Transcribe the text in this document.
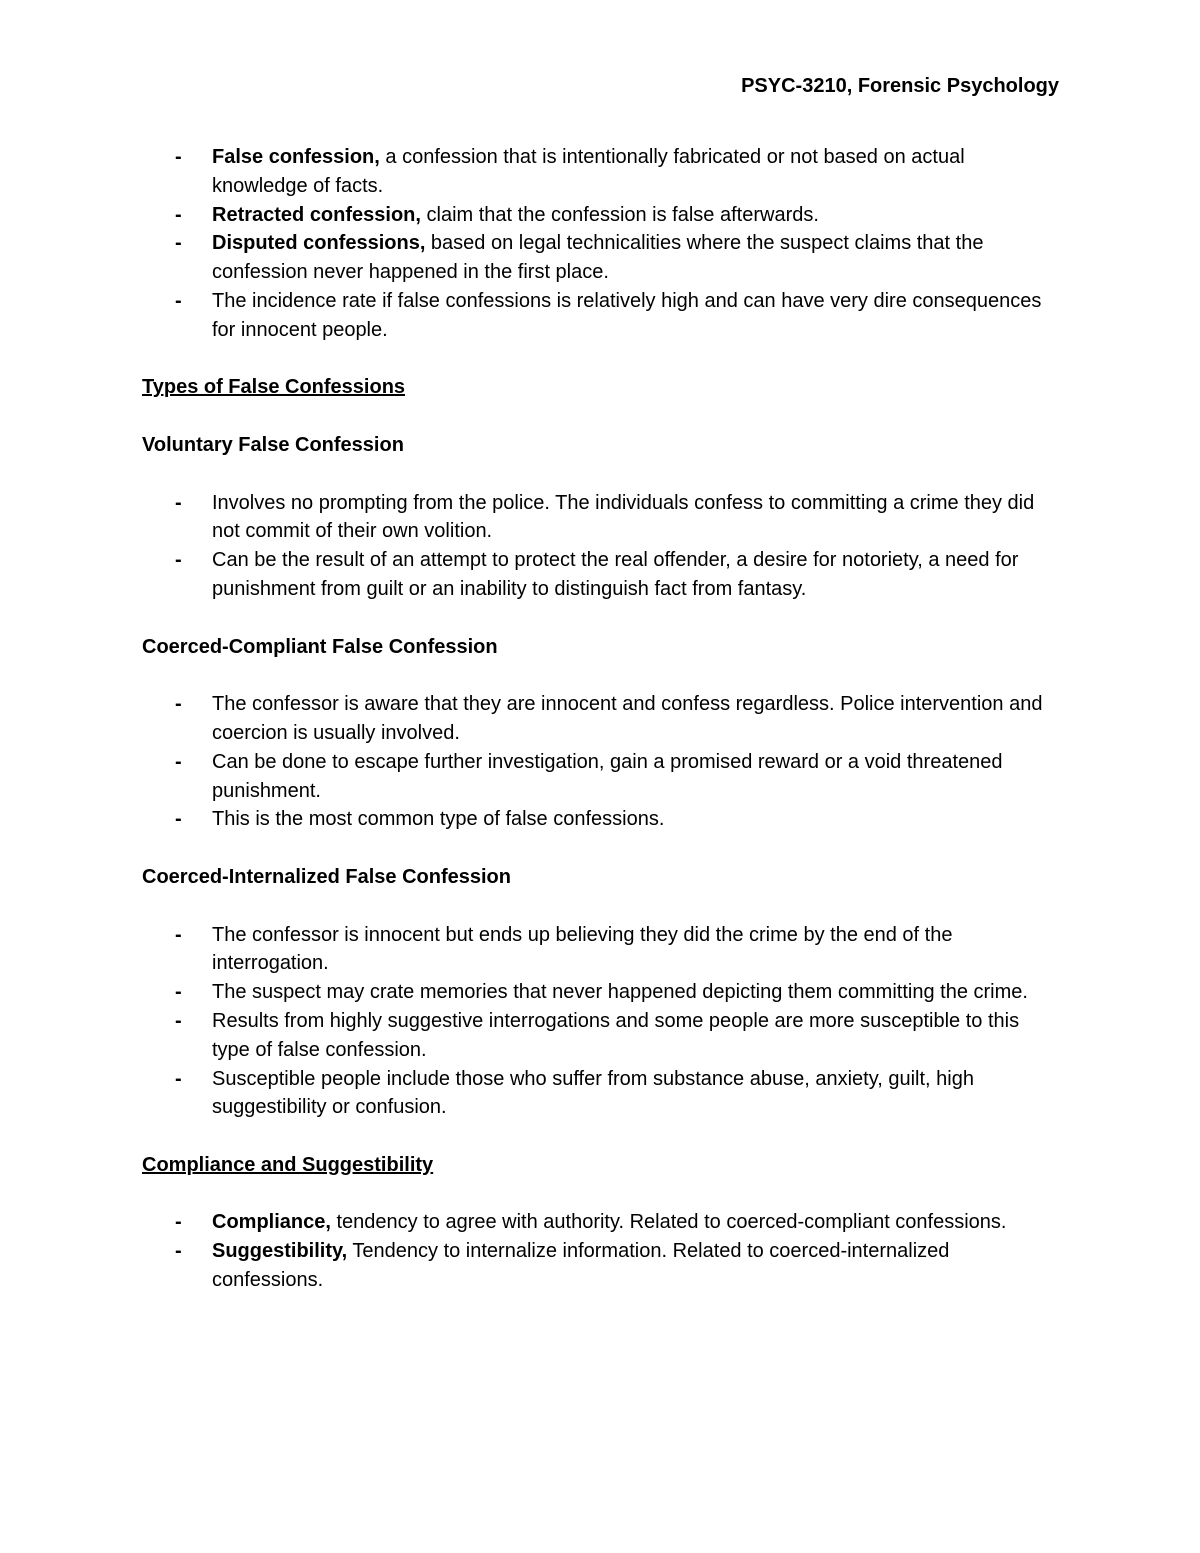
PSYC-3210, Forensic Psychology
- False confession, a confession that is intentionally fabricated or not based on actual knowledge of facts.
- Retracted confession, claim that the confession is false afterwards.
- Disputed confessions, based on legal technicalities where the suspect claims that the confession never happened in the first place.
- The incidence rate if false confessions is relatively high and can have very dire consequences for innocent people.

Types of False Confessions

Voluntary False Confession

- Involves no prompting from the police. The individuals confess to committing a crime they did not commit of their own volition.
- Can be the result of an attempt to protect the real offender, a desire for notoriety, a need for punishment from guilt or an inability to distinguish fact from fantasy.

Coerced-Compliant False Confession

- The confessor is aware that they are innocent and confess regardless. Police intervention and coercion is usually involved.
- Can be done to escape further investigation, gain a promised reward or a void threatened punishment.
- This is the most common type of false confessions.

Coerced-Internalized False Confession

- The confessor is innocent but ends up believing they did the crime by the end of the interrogation.
- The suspect may crate memories that never happened depicting them committing the crime.
- Results from highly suggestive interrogations and some people are more susceptible to this type of false confession.
- Susceptible people include those who suffer from substance abuse, anxiety, guilt, high suggestibility or confusion.

Compliance and Suggestibility

- Compliance, tendency to agree with authority. Related to coerced-compliant confessions.
- Suggestibility, Tendency to internalize information. Related to coerced-internalized confessions.
